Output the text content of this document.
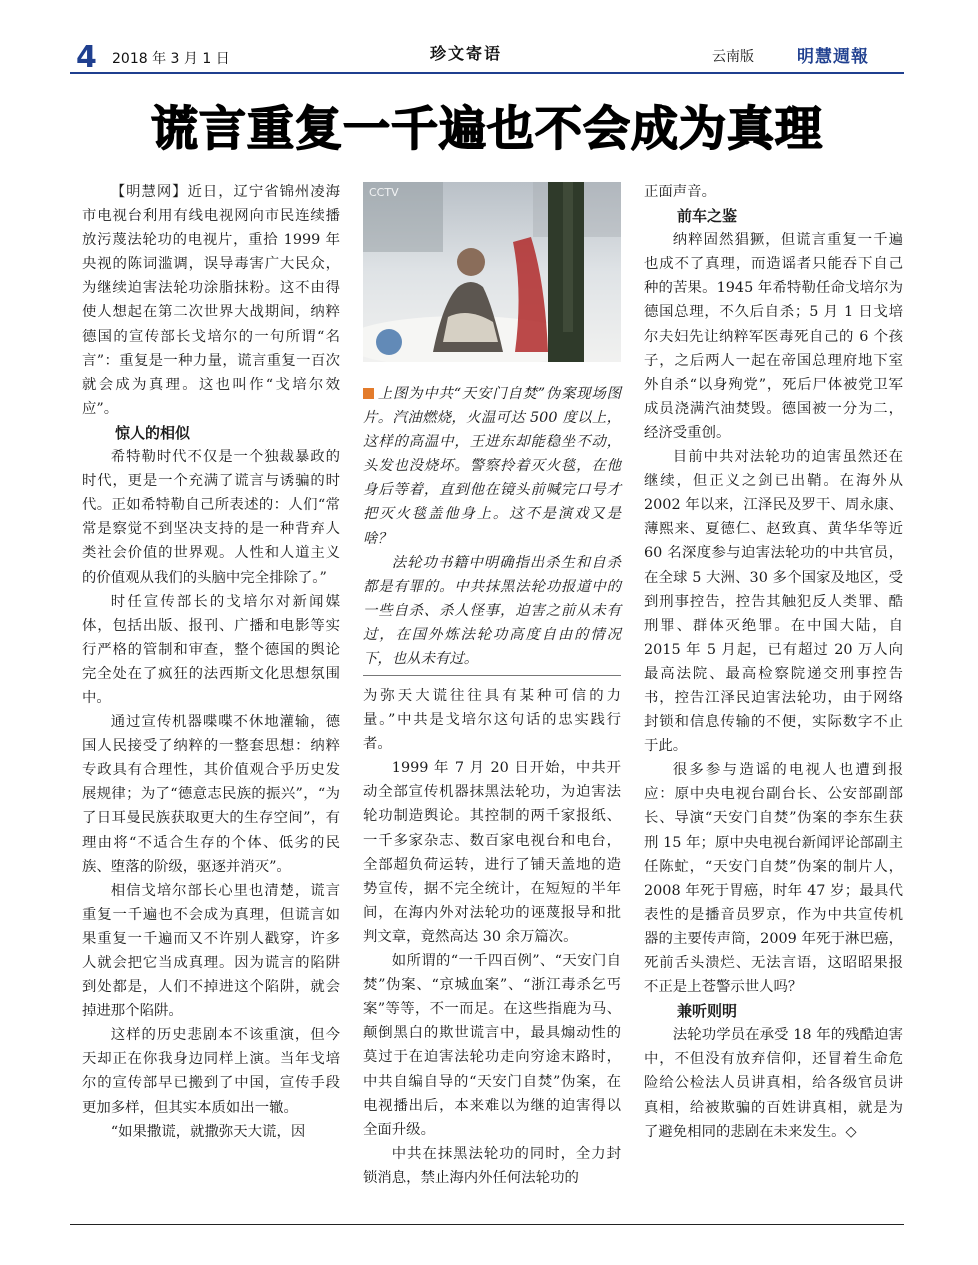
4 2018 年 3 月 1 日	珍文寄语	云南版	明慧週報
谎言重复一千遍也不会成为真理

【明慧网】近日，辽宁省锦州凌海市电视台利用有线电视网向市民连续播放污蔑法轮功的电视片，重拾 1999 年央视的陈词滥调，误导毒害广大民众，为继续迫害法轮功涂脂抹粉。这不由得使人想起在第二次世界大战期间，纳粹德国的宣传部长戈培尔的一句所谓“名言”：重复是一种力量，谎言重复一百次就会成为真理。这也叫作“戈培尔效应”。

惊人的相似

希特勒时代不仅是一个独裁暴政的时代，更是一个充满了谎言与诱骗的时代。正如希特勒自己所表述的：人们“常常是察觉不到坚决支持的是一种背弃人类社会价值的世界观。人性和人道主义的价值观从我们的头脑中完全排除了。”

时任宣传部长的戈培尔对新闻媒体，包括出版、报刊、广播和电影等实行严格的管制和审查，整个德国的舆论完全处在了疯狂的法西斯文化思想氛围中。

通过宣传机器喋喋不休地灌输，德国人民接受了纳粹的一整套思想：纳粹专政具有合理性，其价值观合乎历史发展规律；为了“德意志民族的振兴”，“为了日耳曼民族获取更大的生存空间”，有理由将“不适合生存的个体、低劣的民族、堕落的阶级，驱逐并消灭”。

相信戈培尔部长心里也清楚，谎言重复一千遍也不会成为真理，但谎言如果重复一千遍而又不许别人戳穿，许多人就会把它当成真理。因为谎言的陷阱到处都是，人们不掉进这个陷阱，就会掉进那个陷阱。

这样的历史悲剧本不该重演，但今天却正在你我身边同样上演。当年戈培尔的宣传部早已搬到了中国，宣传手段更加多样，但其实本质如出一辙。

“如果撒谎，就撒弥天大谎，因

CCTV

上图为中共“天安门自焚”伪案现场图片。汽油燃烧，火温可达 500 度以上，这样的高温中，王进东却能稳坐不动，头发也没烧坏。警察拎着灭火毯，在他身后等着，直到他在镜头前喊完口号才把灭火毯盖他身上。这不是演戏又是啥？

法轮功书籍中明确指出杀生和自杀都是有罪的。中共抹黑法轮功报道中的一些自杀、杀人怪事，迫害之前从未有过，在国外炼法轮功高度自由的情况下，也从未有过。

为弥天大谎往往具有某种可信的力量。”中共是戈培尔这句话的忠实践行者。

1999 年 7 月 20 日开始，中共开动全部宣传机器抹黑法轮功，为迫害法轮功制造舆论。其控制的两千家报纸、一千多家杂志、数百家电视台和电台，全部超负荷运转，进行了铺天盖地的造势宣传，据不完全统计，在短短的半年间，在海内外对法轮功的诬蔑报导和批判文章，竟然高达 30 余万篇次。

如所谓的“一千四百例”、“天安门自焚”伪案、“京城血案”、“浙江毒杀乞丐案”等等，不一而足。在这些指鹿为马、颠倒黑白的欺世谎言中，最具煽动性的莫过于在迫害法轮功走向穷途末路时，中共自编自导的“天安门自焚”伪案，在电视播出后，本来难以为继的迫害得以全面升级。

中共在抹黑法轮功的同时，全力封锁消息，禁止海内外任何法轮功的

正面声音。

前车之鉴

纳粹固然猖獗，但谎言重复一千遍也成不了真理，而造谣者只能吞下自己种的苦果。1945 年希特勒任命戈培尔为德国总理，不久后自杀；5 月 1 日戈培尔夫妇先让纳粹军医毒死自己的 6 个孩子，之后两人一起在帝国总理府地下室外自杀“以身殉党”，死后尸体被党卫军成员浇满汽油焚毁。德国被一分为二，经济受重创。

目前中共对法轮功的迫害虽然还在继续，但正义之剑已出鞘。在海外从 2002 年以来，江泽民及罗干、周永康、薄熙来、夏德仁、赵致真、黄华华等近 60 名深度参与迫害法轮功的中共官员，在全球 5 大洲、30 多个国家及地区，受到刑事控告，控告其触犯反人类罪、酷刑罪、群体灭绝罪。在中国大陆，自 2015 年 5 月起，已有超过 20 万人向最高法院、最高检察院递交刑事控告书，控告江泽民迫害法轮功，由于网络封锁和信息传输的不便，实际数字不止于此。

很多参与造谣的电视人也遭到报应：原中央电视台副台长、公安部副部长、导演“天安门自焚”伪案的李东生获刑 15 年；原中央电视台新闻评论部副主任陈虻，“天安门自焚”伪案的制片人，2008 年死于胃癌，时年 47 岁；最具代表性的是播音员罗京，作为中共宣传机器的主要传声筒，2009 年死于淋巴癌，死前舌头溃烂、无法言语，这昭昭果报不正是上苍警示世人吗？

兼听则明

法轮功学员在承受 18 年的残酷迫害中，不但没有放弃信仰，还冒着生命危险给公检法人员讲真相，给各级官员讲真相，给被欺骗的百姓讲真相，就是为了避免相同的悲剧在未来发生。◇
